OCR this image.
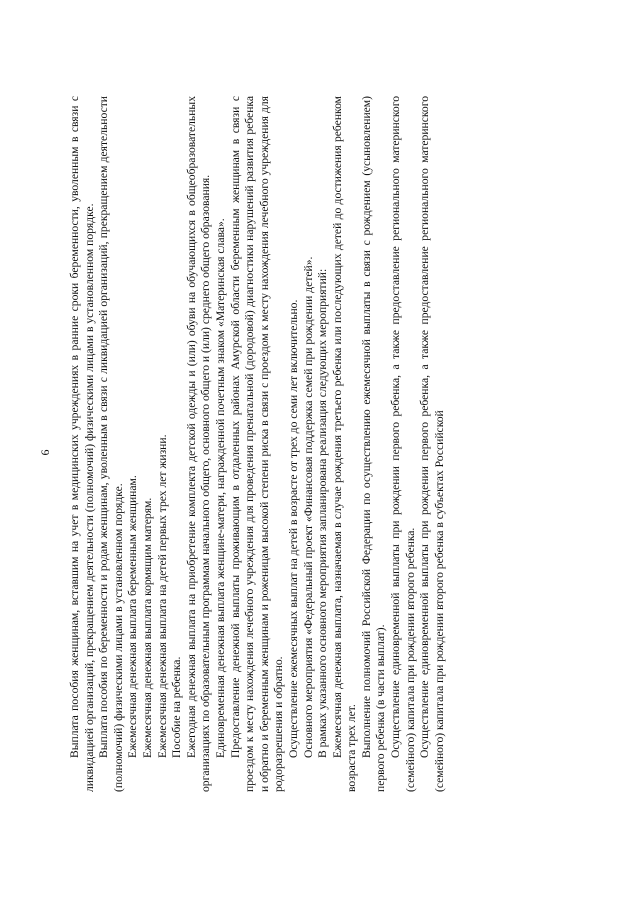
6 Выплата пособия женщинам, вставшим на учет в медицинских учреждениях в ранние сроки беременности, уволенным в связи с ликвидацией организаций, прекращением деятельности (полномочий) физическими лицами в установленном порядке. Выплата пособия по беременности и родам женщинам, уволенным в связи с ликвидацией организаций, прекращением деятельности (полномочий) физическими лицами в установленном порядке. Ежемесячная денежная выплата беременным женщинам. Ежемесячная денежная выплата кормящим матерям. Ежемесячная денежная выплата на детей первых трех лет жизни. Пособие на ребенка. Ежегодная денежная выплата на приобретение комплекта детской одежды и (или) обуви на обучающихся в общеобразовательных организациях по образовательным программам начального общего, основного общего и (или) среднего общего образования. Единовременная денежная выплата женщине-матери, награжденной почетным знаком «Материнская слава». Предоставление денежной выплаты проживающим в отдаленных районах Амурской области беременным женщинам в связи с проездом к месту нахождения лечебного учреждения для проведения пренатальной (дородовой) диагностики нарушений развития ребенка и обратно и беременным женщинам и роженицам высокой степени риска в связи с проездом к месту нахождения лечебного учреждения для родоразрешения и обратно. Осуществление ежемесячных выплат на детей в возрасте от трех до семи лет включительно. Основного мероприятия «Федеральный проект «Финансовая поддержка семей при рождении детей». В рамках указанного основного мероприятия запланирована реализация следующих мероприятий: Ежемесячная денежная выплата, назначаемая в случае рождения третьего ребенка или последующих детей до достижения ребенком возраста трех лет. Выполнение полномочий Российской Федерации по осуществлению ежемесячной выплаты в связи с рождением (усыновлением) первого ребенка (в части выплат). Осуществление единовременной выплаты при рождении первого ребенка, а также предоставление регионального материнского (семейного) капитала при рождении второго ребенка. Осуществление единовременной выплаты при рождении первого ребенка, а также предоставление регионального материнского (семейного) капитала при рождении второго ребенка в субъектах Российской
